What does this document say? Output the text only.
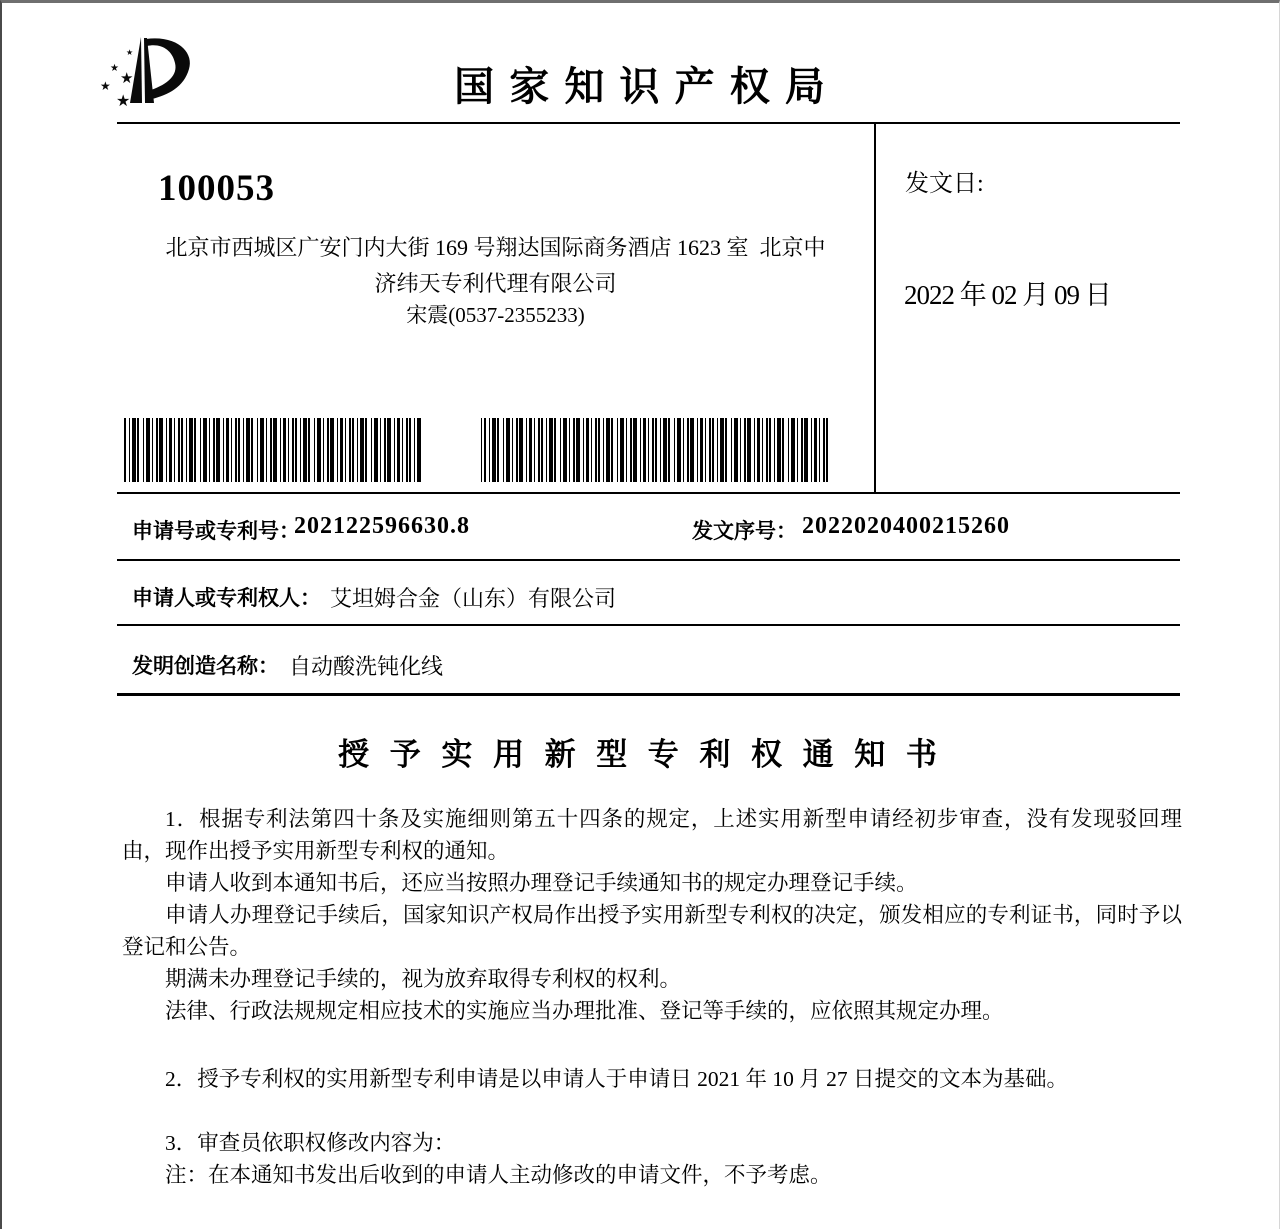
★
★
★
★
★	国 家 知 识 产 权 局
100053
北京市西城区广安门内大街 169 号翔达国际商务酒店 1623 室  北京中
济纬天专利代理有限公司
宋震(0537-2355233)
发文日:
2022 年 02 月 09 日
申请号或专利号：
202122596630.8	发文序号： 2022020400215260
申请人或专利权人： 艾坦姆合金（山东）有限公司
发明创造名称： 自动酸洗钝化线
授 予 实 用 新 型 专 利 权 通 知 书

1．根据专利法第四十条及实施细则第五十四条的规定，上述实用新型申请经初步审查，没有发现驳回理由，现作出授予实用新型专利权的通知。

申请人收到本通知书后，还应当按照办理登记手续通知书的规定办理登记手续。

申请人办理登记手续后，国家知识产权局作出授予实用新型专利权的决定，颁发相应的专利证书，同时予以登记和公告。

期满未办理登记手续的，视为放弃取得专利权的权利。

法律、行政法规规定相应技术的实施应当办理批准、登记等手续的，应依照其规定办理。

2．授予专利权的实用新型专利申请是以申请人于申请日 2021 年 10 月 27 日提交的文本为基础。

3．审查员依职权修改内容为：

注：在本通知书发出后收到的申请人主动修改的申请文件，不予考虑。
